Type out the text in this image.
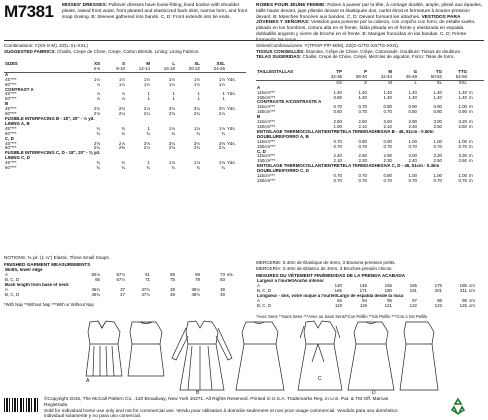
M7381 MISSES' DRESSES: Pullover dresses have loose-fitting, lined bodice with shoulder pleats, raised front waist, front pleated and elasticized back skirt, narrow hem, and front snap closing. B: Sleeves gathered into bands. C, D: Front extends into tie ends.
ROBES POUR JEUNE FEMME: Robes à passer par la tête, à corsage doublé, ample, plissé aux épaules, taille haute devant, jupe plissée devant et élastiquée dos, ourlet étroit et fermeture à bouton-pression devant. B: Manches froncées aux bandes. C, D: Devant formant les attaches. VESTIDOS PARA JÓVENES Y SEÑORAS: Vestidos para ponerse por la cabeza, con corpiño con forro, de entalle suelto, plisado en los hombros, cintura alta en el frente, falda plisada en el frente y elastizada en espalda, dobladillo angosto y cierre de broche en el frente. B: Mangas fruncidas en las bandas. C, D: Frente formando los lazos.
Combinations: Y(XS-S-M), ZZ(L-XL-XXL)
SUGGESTED FABRICS: Challis, Crepe de Chine, Crepe, Cotton Blends. Lining: Lining Fabrics.
SIZES	XS	S	M	L	XL	XXL	
	4-6	8-10	12-14	16-18	20-22	24-26	
A							
45"***	1½	1½	1½	1½	1½	1½	Yds.
60"***	⅞	1½	1½	1½	1½	1½	
CONTRAST A							
45"***	⅞	⅞	1	1	1	1	Yds.
60"***	⅞	⅞	1	1	1	1	
B							
45"***	2¾	2¾	2⅞	3⅛	3¼	3½	Yds.
60"***	2⅛	2¼	2¼	2⅝	2¾	2⅞	
FUSIBLE INTERFACING B - 18", 20" - ½ yd.							
LINING A, B							
45"***	¾	¾	1	1⅛	1⅛	1⅛	Yds.
60"***	¾	¾	¾	¾	¾	¾	
C, D							
45"***	2⅝	2⅞	3⅛	3¼	3½	3⅝	Yds.
60"***	2¼	2⅜	2½	2⅝	2¾	2⅞	
FUSIBLE INTERFACING C, D - 18", 20" - ⅜ yd.							
LINING C, D							
45"***	¾	¾	1	1⅛	1⅛	1⅛	Yds.
60"***	¾	¾	¾	¾	¾	¾	
NOTIONS: ⅜ yd. (1 ¼") Elastic, Three Small Snaps.
FINISHED GARMENT MEASUREMENTS
Width, lower edge							
A	55⅛	57½	61	65	69	73	ins.
B, C, D	65	67½	71	75	79	83	
Back length from base of neck							
A	36½	37	37½	38	38½	39	
B, C, D	46¾	47	47½	48	48½	49	
*With Nap **Without Nap ***With or Without Nap
Séries/Combinaciones: Y(TP/XP-P/P-M/M), ZZ(G-G/TG-XG/TG-XXG).
TISSUS CONSEILLÉS: Étamine, Crêpe de Chine, Crêpe, Cotonnade. Doublure: Tissus de doublure.
TELAS SUGERIDAS: Challis, Crepé de Chine, Crepé, Mezclas de algodón. Forro: Telas de forro.
TAILLES/TALLAS	TP	P	M	G	TG	TTG	
	34-36	38-40	42-44	46-48	50-52	54-56	
	XS	S	M	L	XL	XXL	
A							
115cm***	1.40	1.40	1.40	1.40	1.40	1.40	m
150cm***	0.80	1.40	1.40	1.40	1.40	1.40	m
CONTRASTE A/CONTRASTE A							
115cm***	0.70	0.70	0.80	0.90	0.90	1.00	m
150cm***	0.60	0.70	0.70	0.80	0.80	0.90	m
B							
115cm***	2.50	2.50	2.60	2.90	3.00	3.20	m
150cm***	1.90	2.10	2.10	2.40	2.50	2.60	m
ENTOILAGE THERMOCOLLANT/ENTRETELA TERMOADHESIVA B - 46, 51cm - 0.50m							
DOUBLURE/FORRO A, B							
115cm***	0.70	0.80	0.90	1.00	1.00	1.00	m
150cm***	0.70	0.70	0.70	0.70	0.70	0.70	m
C, D							
115cm***	2.40	2.60	2.90	3.00	3.20	3.30	m
150cm***	2.10	2.20	2.30	2.40	2.50	2.60	m
ENTOILAGE THERMOCOLLANT/ENTRETELA TERMOADHESIVA C, D - 46, 51cm - 0.40m							
DOUBLURE/FORRO C, D							
115cm***	0.70	0.70	0.80	1.00	1.00	1.00	m
150cm***	0.70	0.70	0.70	0.70	0.70	0.70	m
MERCERIE: 0.40m de Élastique de 3mm, 3 Boutons-pression petits.
MERCERÍA: 0.40m de Elástico de 3mm, 3 Broches-presión chicos.
MESURES DU VÊTEMENT FINI/MEDIDAS DE LA PRENDA ACABADA
Largeur à l'ourlet/Ancho inferior							
A	140	146	155	165	175	185	cm
B, C, D	165	171	180	191	201	211	cm
Longueur - dos, votre nuque à l'ourlet/Largo de espalda desde la nuca							
A	93	94	95	97	98	99	cm
B, C, D	119	119	121	122	123	125	cm
*Avec Sens **Sans Sens ***Avec ou Sans Sens/*Con Pelillo **Sin Pelillo ***Con o Sin Pelillo
A
B
C
D
©Copyright 2016, The McCall Pattern Co., 120 Broadway, New York 10271. All Rights Reserved. Printed in U.S.A. Trademarks Reg. in U.S. Pat. & TM Off. Marcas Registrada
Sold for individual home use only and not for commercial use. Vendu pour utilisation à domicile seulement et non pour usage commercial. Vendido para uso doméstico individual solamente y no para uso comercial.
